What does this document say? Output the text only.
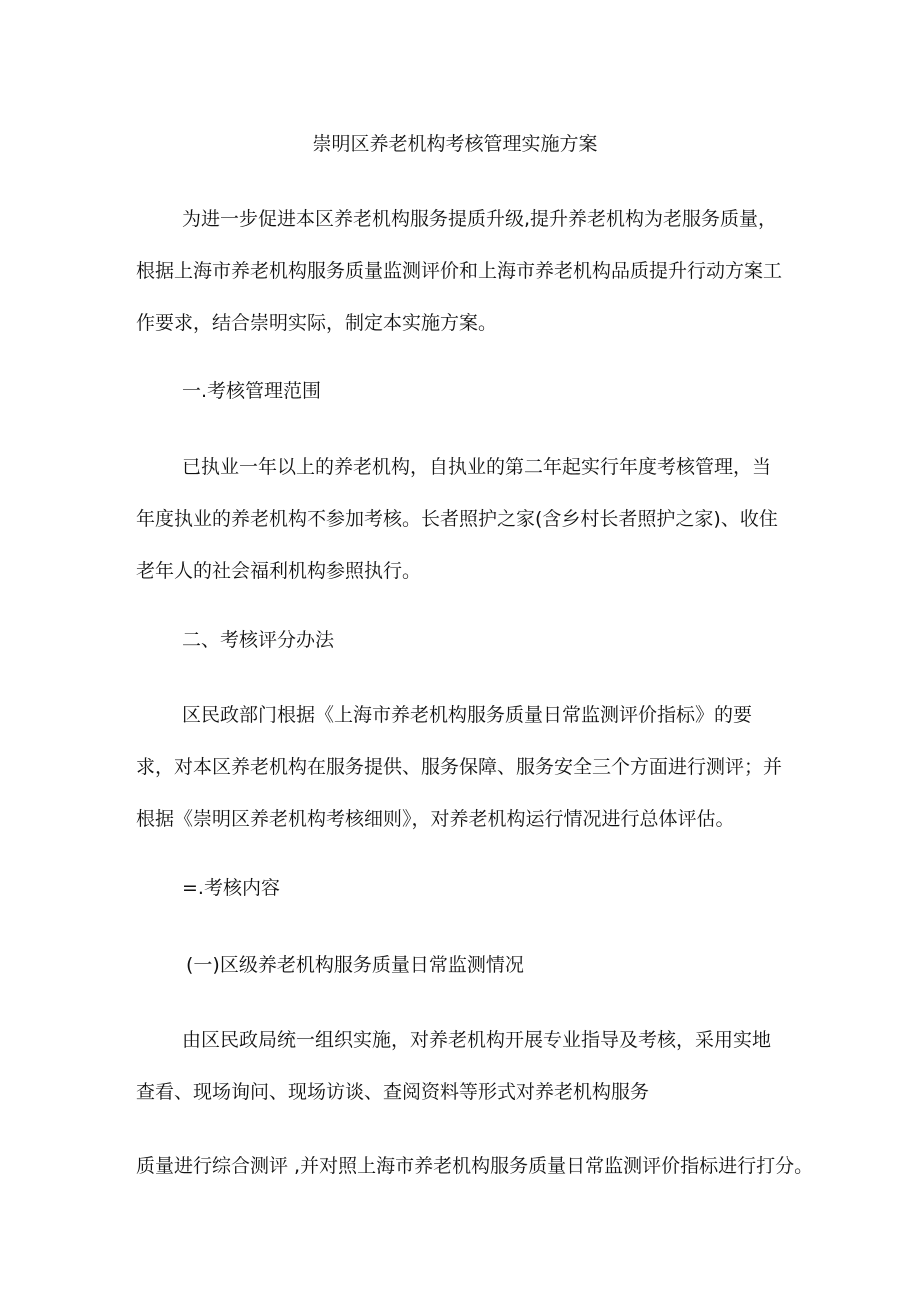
崇明区养老机构考核管理实施方案

为进一步促进本区养老机构服务提质升级,提升养老机构为老服务质量，根据上海市养老机构服务质量监测评价和上海市养老机构品质提升行动方案工作要求，结合崇明实际，制定本实施方案。

一.考核管理范围

已执业一年以上的养老机构，自执业的第二年起实行年度考核管理，当年度执业的养老机构不参加考核。长者照护之家(含乡村长者照护之家)、收住老年人的社会福利机构参照执行。

二、考核评分办法

区民政部门根据《上海市养老机构服务质量日常监测评价指标》的要求，对本区养老机构在服务提供、服务保障、服务安全三个方面进行测评；并根据《崇明区养老机构考核细则》，对养老机构运行情况进行总体评估。

=.考核内容

(一)区级养老机构服务质量日常监测情况

由区民政局统一组织实施，对养老机构开展专业指导及考核，采用实地查看、现场询问、现场访谈、查阅资料等形式对养老机构服务

质量进行综合测评 ,并对照上海市养老机构服务质量日常监测评价指标进行打分。
